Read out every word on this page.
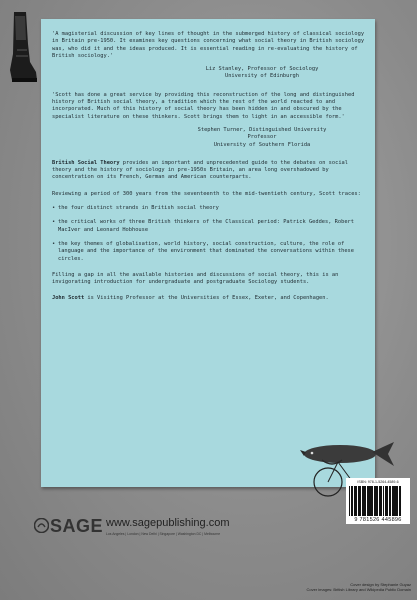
'A magisterial discussion of key lines of thought in the submerged history of classical sociology in Britain pre-1950. It examines key questions concerning what social theory in British sociology was, who did it and the ideas produced. It is essential reading in re-evaluating the history of British sociology.'

Liz Stanley, Professor of Sociology
University of Edinburgh

'Scott has done a great service by providing this reconstruction of the long and distinguished history of British social theory, a tradition which the rest of the world reacted to and incorporated. Much of this history of social theory has been hidden in and obscured by the specialist literature on these thinkers. Scott brings them to light in an accessible form.'

Stephen Turner, Distinguished University Professor
University of Southern Florida

British Social Theory provides an important and unprecedented guide to the debates on social theory and the history of sociology in pre-1950s Britain, an area long overshadowed by concentration on its French, German and American counterparts.

Reviewing a period of 300 years from the seventeenth to the mid-twentieth century, Scott traces:

• the four distinct strands in British social theory
• the critical works of three British thinkers of the Classical period: Patrick Geddes, Robert MacIver and Leonard Hobhouse
• the key themes of globalisation, world history, social construction, culture, the role of language and the importance of the environment that dominated the conversations within these circles.

Filling a gap in all the available histories and discussions of social theory, this is an invigorating introduction for undergraduate and postgraduate Sociology students.

John Scott is Visiting Professor at the Universities of Essex, Exeter, and Copenhagen.

ISBN: 978-1-5264-4589-6
9 781526 445896
SAGE www.sagepublishing.com
Los Angeles | London | New Delhi | Singapore | Washington DC | Melbourne
Cover design by Stephanie Guyaz
Cover images: British Library and Wikipedia Public Domain
